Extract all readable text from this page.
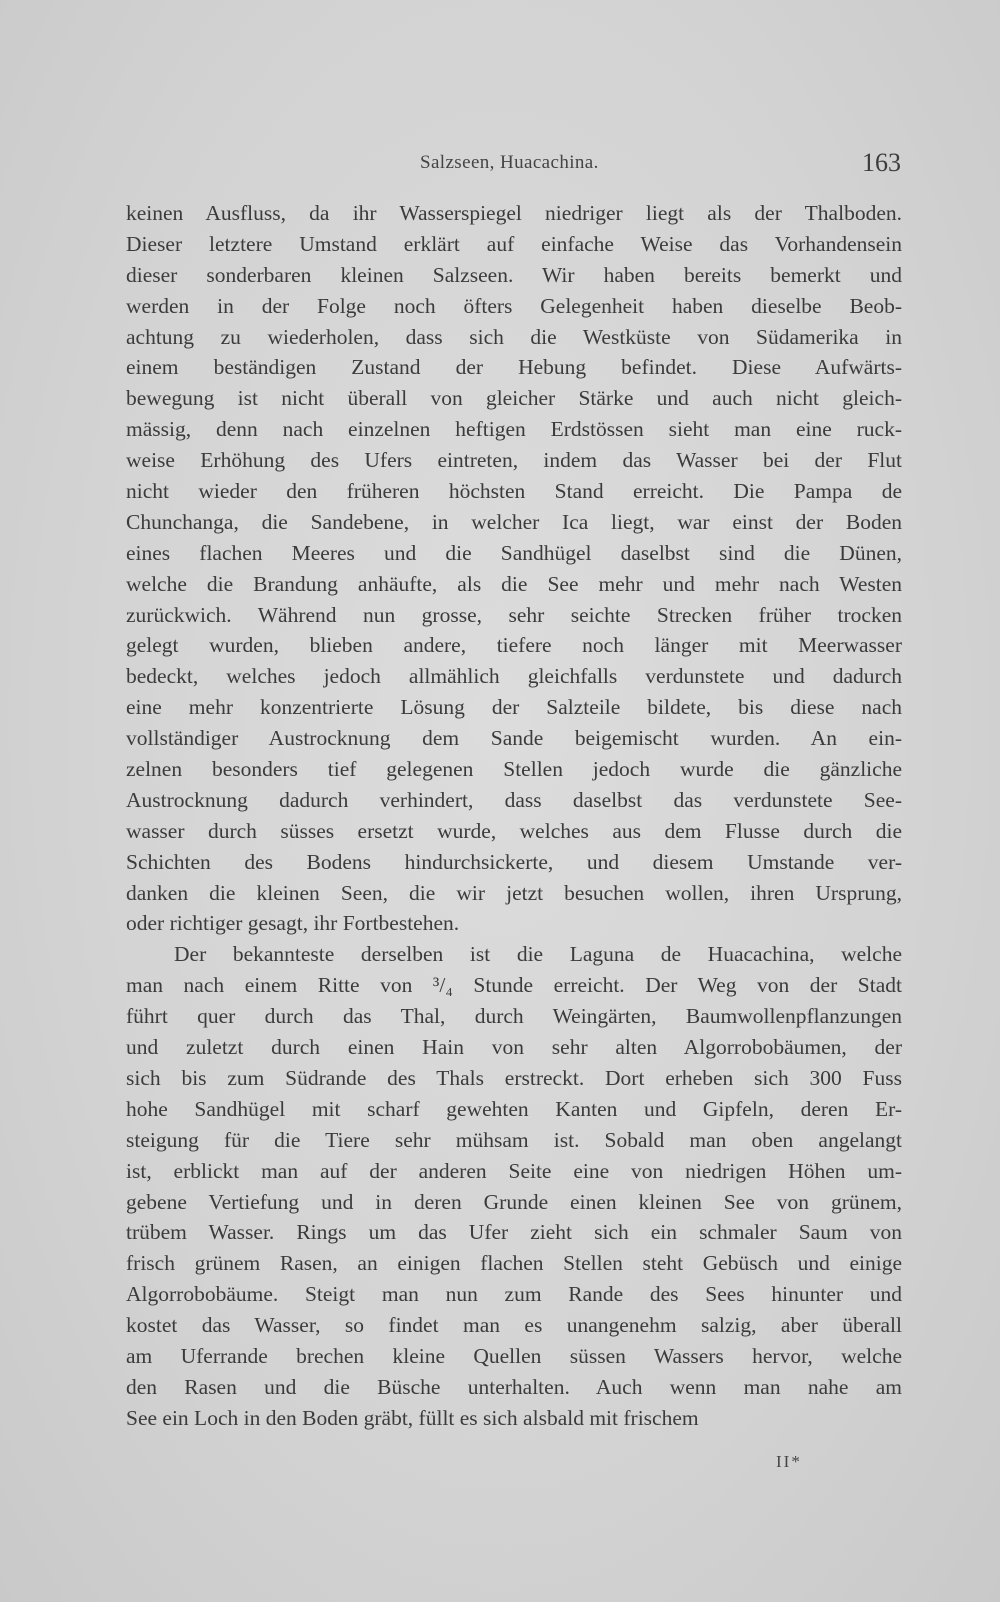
Salzseen, Huacachina.	163
keinen Ausfluss, da ihr Wasserspiegel niedriger liegt als der Thalboden.
Dieser letztere Umstand erklärt auf einfache Weise das Vorhandensein
dieser sonderbaren kleinen Salzseen. Wir haben bereits bemerkt und
werden in der Folge noch öfters Gelegenheit haben dieselbe Beob-
achtung zu wiederholen, dass sich die Westküste von Südamerika in
einem beständigen Zustand der Hebung befindet. Diese Aufwärts-
bewegung ist nicht überall von gleicher Stärke und auch nicht gleich-
mässig, denn nach einzelnen heftigen Erdstössen sieht man eine ruck-
weise Erhöhung des Ufers eintreten, indem das Wasser bei der Flut
nicht wieder den früheren höchsten Stand erreicht. Die Pampa de
Chunchanga, die Sandebene, in welcher Ica liegt, war einst der Boden
eines flachen Meeres und die Sandhügel daselbst sind die Dünen,
welche die Brandung anhäufte, als die See mehr und mehr nach Westen
zurückwich. Während nun grosse, sehr seichte Strecken früher trocken
gelegt wurden, blieben andere, tiefere noch länger mit Meerwasser
bedeckt, welches jedoch allmählich gleichfalls verdunstete und dadurch
eine mehr konzentrierte Lösung der Salzteile bildete, bis diese nach
vollständiger Austrocknung dem Sande beigemischt wurden. An ein-
zelnen besonders tief gelegenen Stellen jedoch wurde die gänzliche
Austrocknung dadurch verhindert, dass daselbst das verdunstete See-
wasser durch süsses ersetzt wurde, welches aus dem Flusse durch die
Schichten des Bodens hindurchsickerte, und diesem Umstande ver-
danken die kleinen Seen, die wir jetzt besuchen wollen, ihren Ursprung,
oder richtiger gesagt, ihr Fortbestehen.
Der bekannteste derselben ist die Laguna de Huacachina, welche
man nach einem Ritte von ³/₄ Stunde erreicht. Der Weg von der Stadt
führt quer durch das Thal, durch Weingärten, Baumwollenpflanzungen
und zuletzt durch einen Hain von sehr alten Algorrobobäumen, der
sich bis zum Südrande des Thals erstreckt. Dort erheben sich 300 Fuss
hohe Sandhügel mit scharf gewehten Kanten und Gipfeln, deren Er-
steigung für die Tiere sehr mühsam ist. Sobald man oben angelangt
ist, erblickt man auf der anderen Seite eine von niedrigen Höhen um-
gebene Vertiefung und in deren Grunde einen kleinen See von grünem,
trübem Wasser. Rings um das Ufer zieht sich ein schmaler Saum von
frisch grünem Rasen, an einigen flachen Stellen steht Gebüsch und einige
Algorrobobäume. Steigt man nun zum Rande des Sees hinunter und
kostet das Wasser, so findet man es unangenehm salzig, aber überall
am Uferrande brechen kleine Quellen süssen Wassers hervor, welche
den Rasen und die Büsche unterhalten. Auch wenn man nahe am
See ein Loch in den Boden gräbt, füllt es sich alsbald mit frischem
II*
